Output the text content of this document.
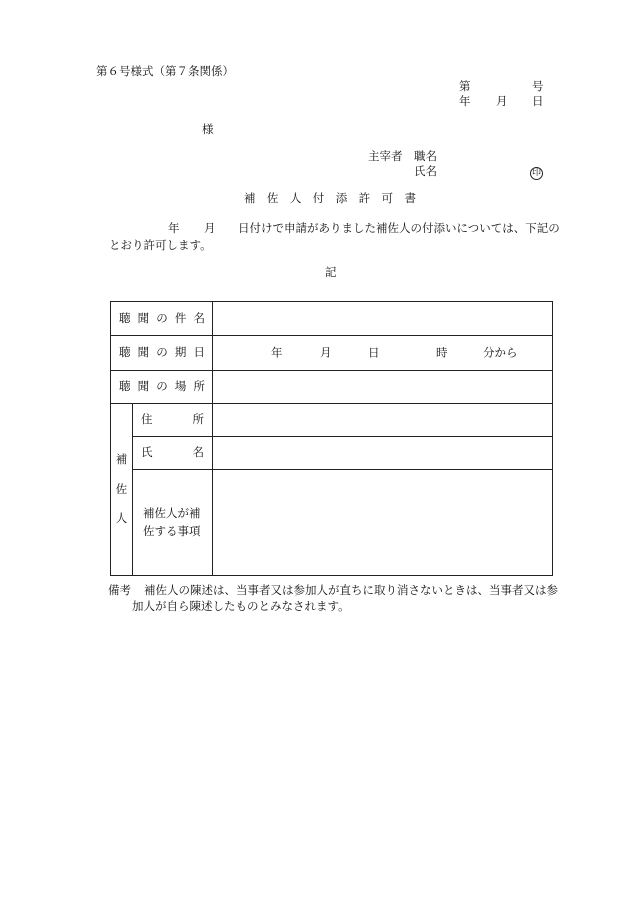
第６号様式（第７条関係）
第	号
年 月 日
様
主宰者 職名
氏名	印
補 佐 人 付 添 許 可 書
年 月 日付けで申請がありました補佐人の付添いについては、下記の
とおり許可します。
記
聴 聞 の 件 名		

聴 聞 の 期 日		年 月 日 時 分から

聴 聞 の 場 所		

補
佐
人	住 所	

	氏 名	

	補佐人が補
佐する事項	

備考 補佐人の陳述は、当事者又は参加人が直ちに取り消さないときは、当事者又は参
加人が自ら陳述したものとみなされます。
